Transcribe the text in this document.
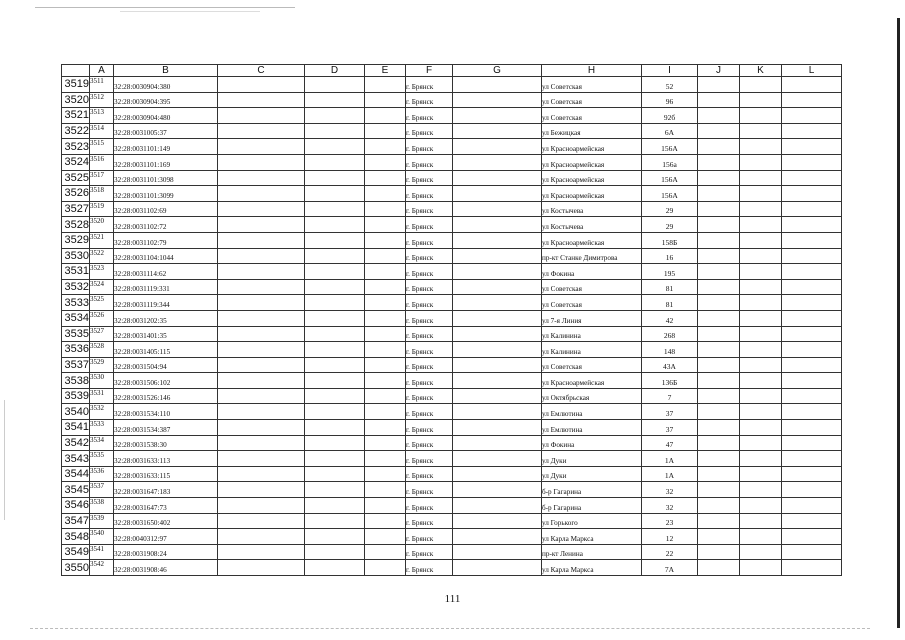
	A	B	C	D	E	F	G	H	I	J	K	L
3519	3511	32:28:0030904:380				г. Брянск		ул Советская	52			
3520	3512	32:28:0030904:395				г. Брянск		ул Советская	96			
3521	3513	32:28:0030904:480				г. Брянск		ул Советская	92б			
3522	3514	32:28:0031005:37				г. Брянск		ул Бежицкая	6А			
3523	3515	32:28:0031101:149				г. Брянск		ул Красноармейская	156А			
3524	3516	32:28:0031101:169				г. Брянск		ул Красноармейская	156а			
3525	3517	32:28:0031101:3098				г. Брянск		ул Красноармейская	156А			
3526	3518	32:28:0031101:3099				г. Брянск		ул Красноармейская	156А			
3527	3519	32:28:0031102:69				г. Брянск		ул Костычева	29			
3528	3520	32:28:0031102:72				г. Брянск		ул Костычева	29			
3529	3521	32:28:0031102:79				г. Брянск		ул Красноармейская	158Б			
3530	3522	32:28:0031104:1044				г. Брянск		пр-кт Станке Димитрова	16			
3531	3523	32:28:0031114:62				г. Брянск		ул Фокина	195			
3532	3524	32:28:0031119:331				г. Брянск		ул Советская	81			
3533	3525	32:28:0031119:344				г. Брянск		ул Советская	81			
3534	3526	32:28:0031202:35				г. Брянск		ул 7-я Линия	42			
3535	3527	32:28:0031401:35				г. Брянск		ул Калинина	268			
3536	3528	32:28:0031405:115				г. Брянск		ул Калинина	148			
3537	3529	32:28:0031504:94				г. Брянск		ул Советская	43А			
3538	3530	32:28:0031506:102				г. Брянск		ул Красноармейская	136Б			
3539	3531	32:28:0031526:146				г. Брянск		ул Октябрьская	7			
3540	3532	32:28:0031534:110				г. Брянск		ул Емлютина	37			
3541	3533	32:28:0031534:387				г. Брянск		ул Емлютина	37			
3542	3534	32:28:0031538:30				г. Брянск		ул Фокина	47			
3543	3535	32:28:0031633:113				г. Брянск		ул Дуки	1А			
3544	3536	32:28:0031633:115				г. Брянск		ул Дуки	1А			
3545	3537	32:28:0031647:183				г. Брянск		б-р Гагарина	32			
3546	3538	32:28:0031647:73				г. Брянск		б-р Гагарина	32			
3547	3539	32:28:0031650:402				г. Брянск		ул Горького	23			
3548	3540	32:28:0040312:97				г. Брянск		ул Карла Маркса	12			
3549	3541	32:28:0031908:24				г. Брянск		пр-кт Ленина	22			
3550	3542	32:28:0031908:46				г. Брянск		ул Карла Маркса	7А			
111
